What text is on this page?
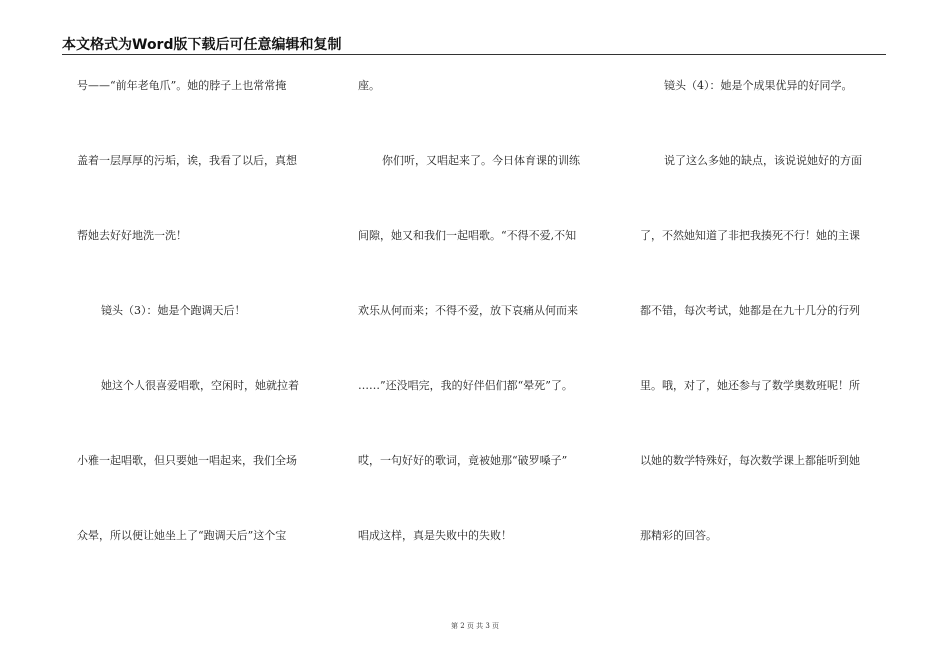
本文格式为Word版下载后可任意编辑和复制
号——“前年老龟爪”。她的脖子上也常常掩
盖着一层厚厚的污垢，诶，我看了以后，真想
帮她去好好地洗一洗！
镜头（3）：她是个跑调天后！
她这个人很喜爱唱歌，空闲时，她就拉着
小雅一起唱歌，但只要她一唱起来，我们全场
众晕，所以便让她坐上了“跑调天后”这个宝
座。
你们听，又唱起来了。今日体育课的训练
间隙，她又和我们一起唱歌。“不得不爱,不知
欢乐从何而来；不得不爱，放下哀痛从何而来
……”还没唱完，我的好伴侣们都“晕死”了。
哎，一句好好的歌词，竟被她那“破罗嗓子”
唱成这样，真是失败中的失败！
镜头（4）：她是个成果优异的好同学。
说了这么多她的缺点，该说说她好的方面
了，不然她知道了非把我揍死不行！她的主课
都不错，每次考试，她都是在九十几分的行列
里。哦，对了，她还参与了数学奥数班呢！所
以她的数学特殊好，每次数学课上都能听到她
那精彩的回答。
第 2 页 共 3 页
